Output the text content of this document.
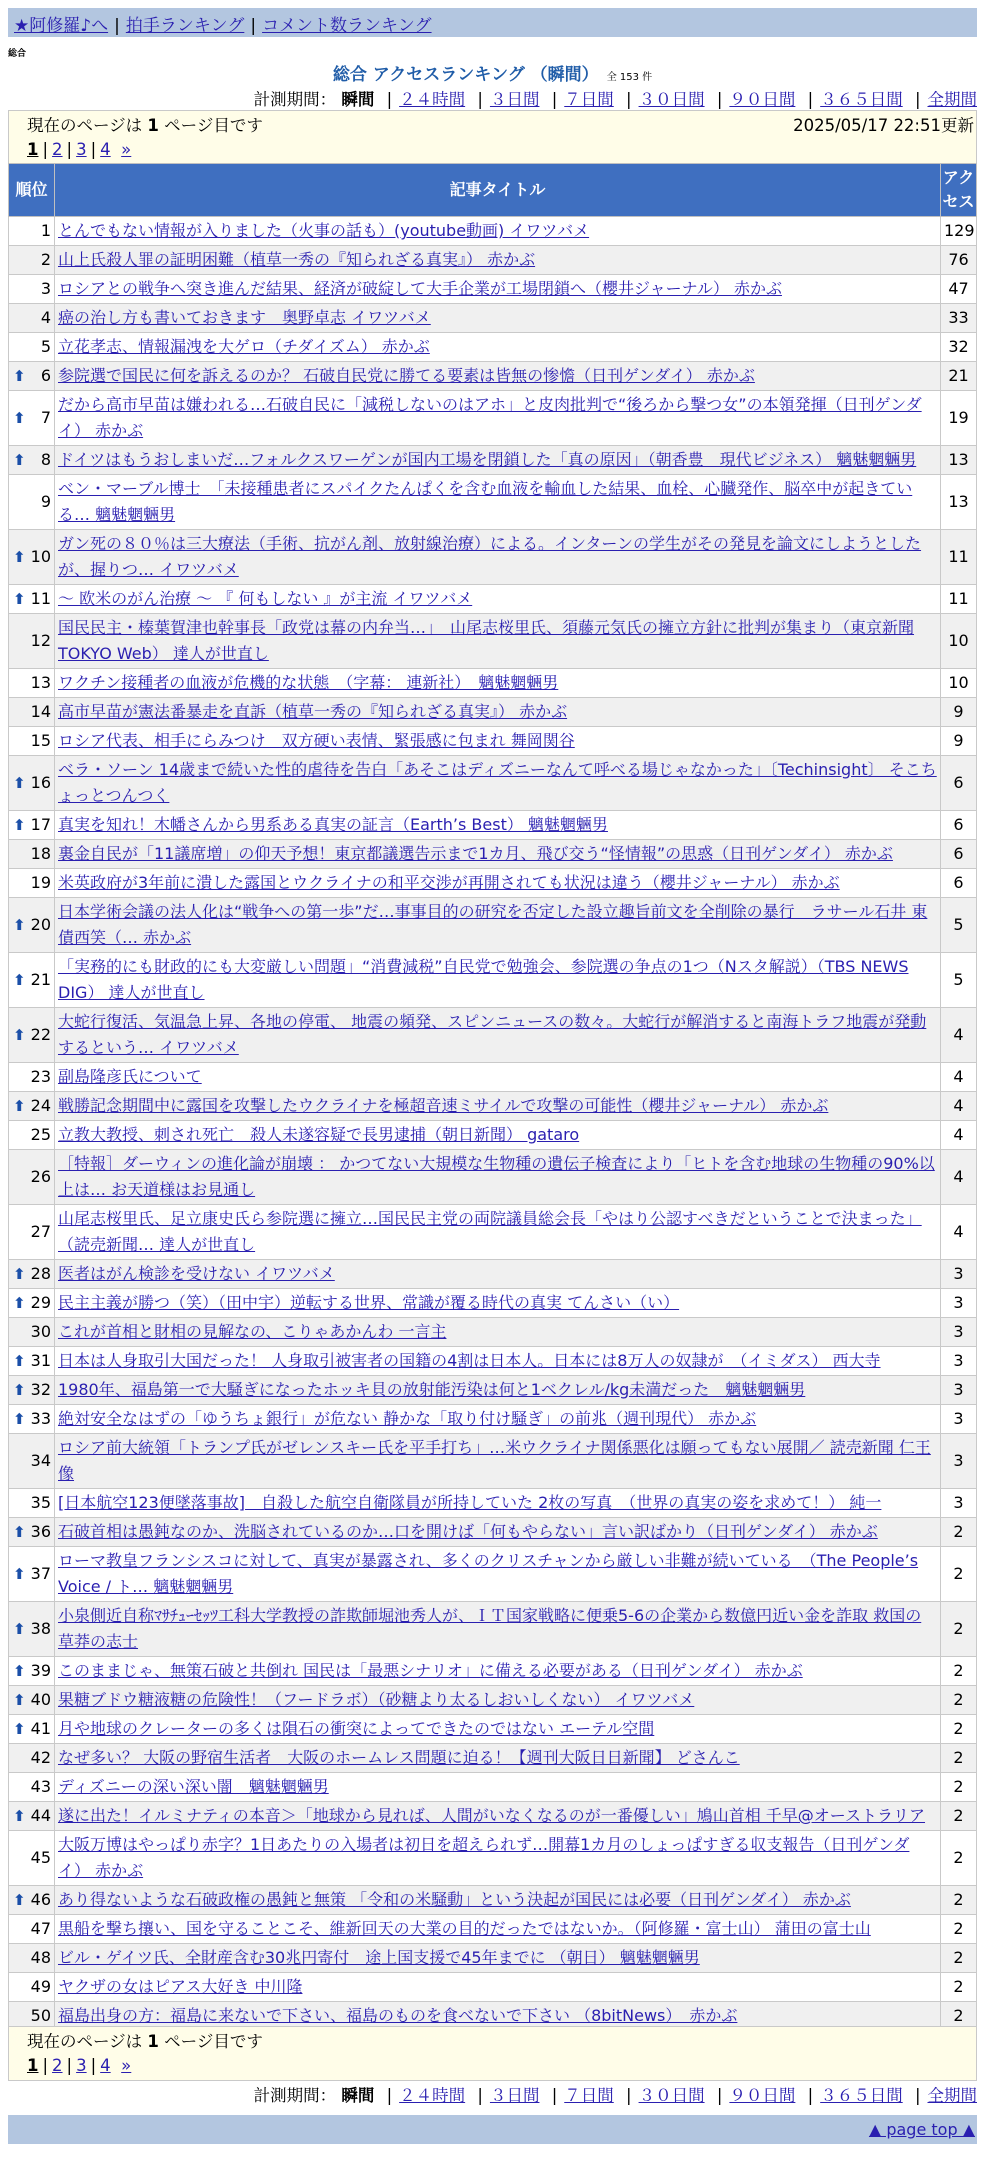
★阿修羅♪へ | 拍手ランキング | コメント数ランキング
総合
総合 アクセスランキング （瞬間） 全 153 件
計測期間： 瞬間 | ２４時間 | ３日間 | ７日間 | ３０日間 | ９０日間 | ３６５日間 | 全期間
現在のページは 1 ページ目です	2025/05/17 22:51更新
1 | 2 | 3 | 4 »
順位	記事タイトル	アクセス
1	とんでもない情報が入りました（火事の話も）(youtube動画) イワツバメ	129
2	山上氏殺人罪の証明困難（植草一秀の『知られざる真実』） 赤かぶ	76
3	ロシアとの戦争へ突き進んだ結果、経済が破綻して大手企業が工場閉鎖へ（櫻井ジャーナル） 赤かぶ	47
4	癌の治し方も書いておきます　奥野卓志 イワツバメ	33
5	立花孝志、情報漏洩を大ゲロ（チダイズム） 赤かぶ	32

⬆ 6	参院選で国民に何を訴えるのか？ 石破自民党に勝てる要素は皆無の惨憺（日刊ゲンダイ） 赤かぶ	21

⬆ 7	だから高市早苗は嫌われる…石破自民に「減税しないのはアホ」と皮肉批判で“後ろから撃つ女”の本領発揮（日刊ゲンダイ） 赤かぶ	19

⬆ 8	ドイツはもうおしまいだ…フォルクスワーゲンが国内工場を閉鎖した「真の原因」（朝香豊　現代ビジネス） 魑魅魍魎男	13
9	ベン・マーブル博士　「未接種患者にスパイクたんぱくを含む血液を輸血した結果、血栓、心臓発作、脳卒中が起きている… 魑魅魍魎男	13

⬆ 10	ガン死の８０％は三大療法（手術、抗がん剤、放射線治療）による。インターンの学生がその発見を論文にしようとしたが、握りつ… イワツバメ	11

⬆ 11	～ 欧米のがん治療 ～ 『 何もしない 』が主流 イワツバメ	11
12	国民民主・榛葉賀津也幹事長「政党は幕の内弁当…」　山尾志桜里氏、須藤元気氏の擁立方針に批判が集まり（東京新聞TOKYO Web） 達人が世直し	10
13	ワクチン接種者の血液が危機的な状態　（字幕： 連新社）　魑魅魍魎男	10
14	高市早苗が憲法番暴走を直訴（植草一秀の『知られざる真実』） 赤かぶ	9
15	ロシア代表、相手にらみつけ　双方硬い表情、緊張感に包まれ 舞岡関谷	9

⬆ 16	ベラ・ソーン 14歳まで続いた性的虐待を告白「あそこはディズニーなんて呼べる場じゃなかった」〔Techinsight〕 そこちょっとつんつく	6

⬆ 17	真実を知れ！木幡さんから男系ある真実の証言（Earth’s Best） 魑魅魍魎男	6
18	裏金自民が「11議席増」の仰天予想！東京都議選告示まで1カ月、飛び交う“怪情報”の思惑（日刊ゲンダイ） 赤かぶ	6
19	米英政府が3年前に潰した露国とウクライナの和平交渉が再開されても状況は違う（櫻井ジャーナル） 赤かぶ	6

⬆ 20	日本学術会議の法人化は“戦争への第一歩”だ…事事目的の研究を否定した設立趣旨前文を全削除の暴行　ラサール石井 東債西笑（… 赤かぶ	5

⬆ 21	「実務的にも財政的にも大変厳しい問題」“消費減税”自民党で勉強会、参院選の争点の1つ（Nスタ解説）（TBS NEWS DIG） 達人が世直し	5

⬆ 22	大蛇行復活、気温急上昇、各地の停電、 地震の頻発、スピンニュースの数々。大蛇行が解消すると南海トラフ地震が発動するという… イワツバメ	4
23	副島隆彦氏について	4

⬆ 24	戦勝記念期間中に露国を攻撃したウクライナを極超音速ミサイルで攻撃の可能性（櫻井ジャーナル） 赤かぶ	4
25	立教大教授、刺され死亡　殺人未遂容疑で長男逮捕（朝日新聞） gataro	4
26	［特報］ダーウィンの進化論が崩壊 ： かつてない大規模な生物種の遺伝子検査により「ヒトを含む地球の生物種の90%以上は… お天道様はお見通し	4
27	山尾志桜里氏、足立康史氏ら参院選に擁立…国民民主党の両院議員総会長「やはり公認すべきだということで決まった」（読売新聞… 達人が世直し	4

⬆ 28	医者はがん検診を受けない イワツバメ	3

⬆ 29	民主主義が勝つ（笑）（田中宇）逆転する世界、常識が覆る時代の真実 てんさい（い）	3
30	これが首相と財相の見解なの、こりゃあかんわ 一言主	3

⬆ 31	日本は人身取引大国だった！ 人身取引被害者の国籍の4割は日本人。日本には8万人の奴隷が　（イミダス） 西大寺	3

⬆ 32	1980年、福島第一で大騒ぎになったホッキ貝の放射能汚染は何と1ベクレル/kg未満だった　魑魅魍魎男	3

⬆ 33	絶対安全なはずの「ゆうちょ銀行」が危ない 静かな「取り付け騒ぎ」の前兆（週刊現代） 赤かぶ	3
34	ロシア前大統領「トランプ氏がゼレンスキー氏を平手打ち」…米ウクライナ関係悪化は願ってもない展開／ 読売新聞 仁王像	3
35	[日本航空123便墜落事故]　自殺した航空自衛隊員が所持していた 2枚の写真　（世界の真実の姿を求めて！） 純一	3

⬆ 36	石破首相は愚鈍なのか、洗脳されているのか…口を開けば「何もやらない」言い訳ばかり（日刊ゲンダイ） 赤かぶ	2

⬆ 37	ローマ教皇フランシスコに対して、真実が暴露され、多くのクリスチャンから厳しい非難が続いている　（The People’s Voice / ト… 魑魅魍魎男	2

⬆ 38	小泉側近自称ﾏｻﾁｭｰｾｯﾂ工科大学教授の詐欺師堀池秀人が、ＩＴ国家戦略に便乗5-6の企業から数億円近い金を詐取 救国の草莽の志士	2

⬆ 39	このままじゃ、無策石破と共倒れ 国民は「最悪シナリオ」に備える必要がある（日刊ゲンダイ） 赤かぶ	2

⬆ 40	果糖ブドウ糖液糖の危険性！（フードラボ）（砂糖より太るしおいしくない） イワツバメ	2

⬆ 41	月や地球のクレーターの多くは隕石の衝突によってできたのではない エーテル空間	2
42	なぜ多い？ 大阪の野宿生活者　大阪のホームレス問題に迫る！【週刊大阪日日新聞】 どさんこ	2
43	ディズニーの深い深い闇　魑魅魍魎男	2

⬆ 44	遂に出た！イルミナティの本音＞「地球から見れば、人間がいなくなるのが一番優しい」鳩山首相 千早@オーストラリア	2
45	大阪万博はやっぱり赤字？1日あたりの入場者は初日を超えられず…開幕1カ月のしょっぱすぎる収支報告（日刊ゲンダイ） 赤かぶ	2

⬆ 46	あり得ないような石破政権の愚鈍と無策 「令和の米騒動」という決起が国民には必要（日刊ゲンダイ） 赤かぶ	2
47	黒船を撃ち攘い、国を守ることこそ、維新回天の大業の目的だったではないか。（阿修羅・富士山） 蒲田の富士山	2
48	ビル・ゲイツ氏、全財産含む30兆円寄付　途上国支援で45年までに （朝日） 魑魅魍魎男	2
49	ヤクザの女はピアス大好き 中川隆	2
50	福島出身の方：福島に来ないで下さい、福島のものを食べないで下さい （8bitNews）　赤かぶ	2
現在のページは 1 ページ目です
1 | 2 | 3 | 4 »
計測期間： 瞬間 | ２４時間 | ３日間 | ７日間 | ３０日間 | ９０日間 | ３６５日間 | 全期間
▲ page top ▲
